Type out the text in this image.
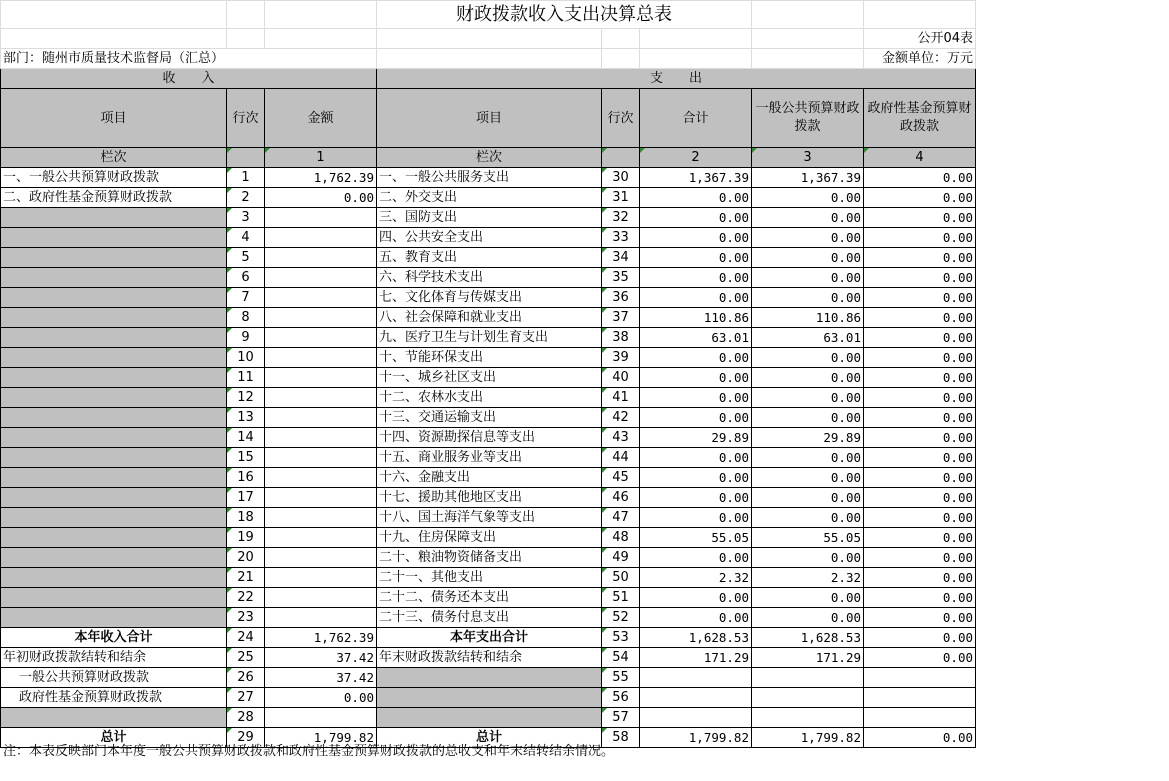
			财政拨款收入支出决算总表				
							公开04表
部门：随州市质量技术监督局（汇总）							金额单位：万元
收　　入			支　　出				
项目	行次	金额	项目	行次	合计	一般公共预算财政拨款	政府性基金预算财政拨款
栏次		1	栏次		2	3	4
一、一般公共预算财政拨款	1	1,762.39	一、一般公共服务支出	30	1,367.39	1,367.39	0.00
二、政府性基金预算财政拨款	2	0.00	二、外交支出	31	0.00	0.00	0.00
	3		三、国防支出	32	0.00	0.00	0.00
	4		四、公共安全支出	33	0.00	0.00	0.00
	5		五、教育支出	34	0.00	0.00	0.00
	6		六、科学技术支出	35	0.00	0.00	0.00
	7		七、文化体育与传媒支出	36	0.00	0.00	0.00
	8		八、社会保障和就业支出	37	110.86	110.86	0.00
	9		九、医疗卫生与计划生育支出	38	63.01	63.01	0.00
	10		十、节能环保支出	39	0.00	0.00	0.00
	11		十一、城乡社区支出	40	0.00	0.00	0.00
	12		十二、农林水支出	41	0.00	0.00	0.00
	13		十三、交通运输支出	42	0.00	0.00	0.00
	14		十四、资源勘探信息等支出	43	29.89	29.89	0.00
	15		十五、商业服务业等支出	44	0.00	0.00	0.00
	16		十六、金融支出	45	0.00	0.00	0.00
	17		十七、援助其他地区支出	46	0.00	0.00	0.00
	18		十八、国土海洋气象等支出	47	0.00	0.00	0.00
	19		十九、住房保障支出	48	55.05	55.05	0.00
	20		二十、粮油物资储备支出	49	0.00	0.00	0.00
	21		二十一、其他支出	50	2.32	2.32	0.00
	22		二十二、债务还本支出	51	0.00	0.00	0.00
	23		二十三、债务付息支出	52	0.00	0.00	0.00
本年收入合计	24	1,762.39	本年支出合计	53	1,628.53	1,628.53	0.00
年初财政拨款结转和结余	25	37.42	年末财政拨款结转和结余	54	171.29	171.29	0.00
一般公共预算财政拨款	26	37.42		55			
政府性基金预算财政拨款	27	0.00		56			
	28			57			
总计	29	1,799.82	总计	58	1,799.82	1,799.82	0.00
注：本表反映部门本年度一般公共预算财政拨款和政府性基金预算财政拨款的总收支和年末结转结余情况。
